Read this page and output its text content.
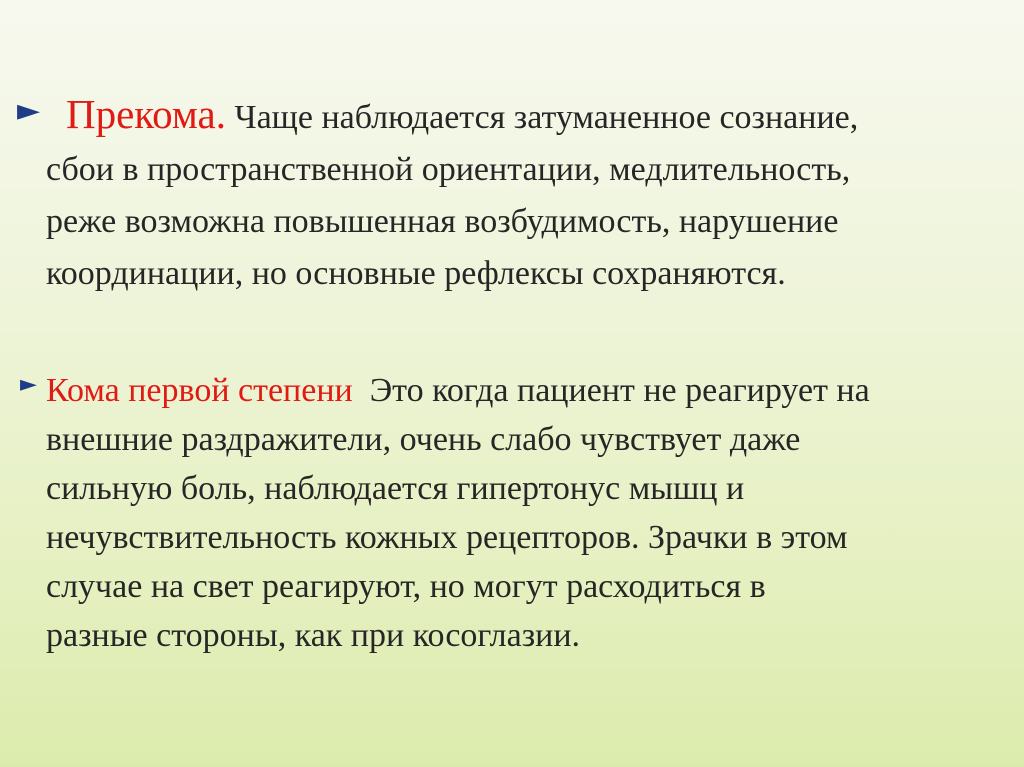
► Прекома. Чаще наблюдается затуманенное сознание,
сбои в пространственной ориентации, медлительность,
реже возможна повышенная возбудимость, нарушение
координации, но основные рефлексы сохраняются.
► Кома первой степени  Это когда пациент не реагирует на
внешние раздражители, очень слабо чувствует даже
сильную боль, наблюдается гипертонус мышц и
нечувствительность кожных рецепторов. Зрачки в этом
случае на свет реагируют, но могут расходиться в
разные стороны, как при косоглазии.
